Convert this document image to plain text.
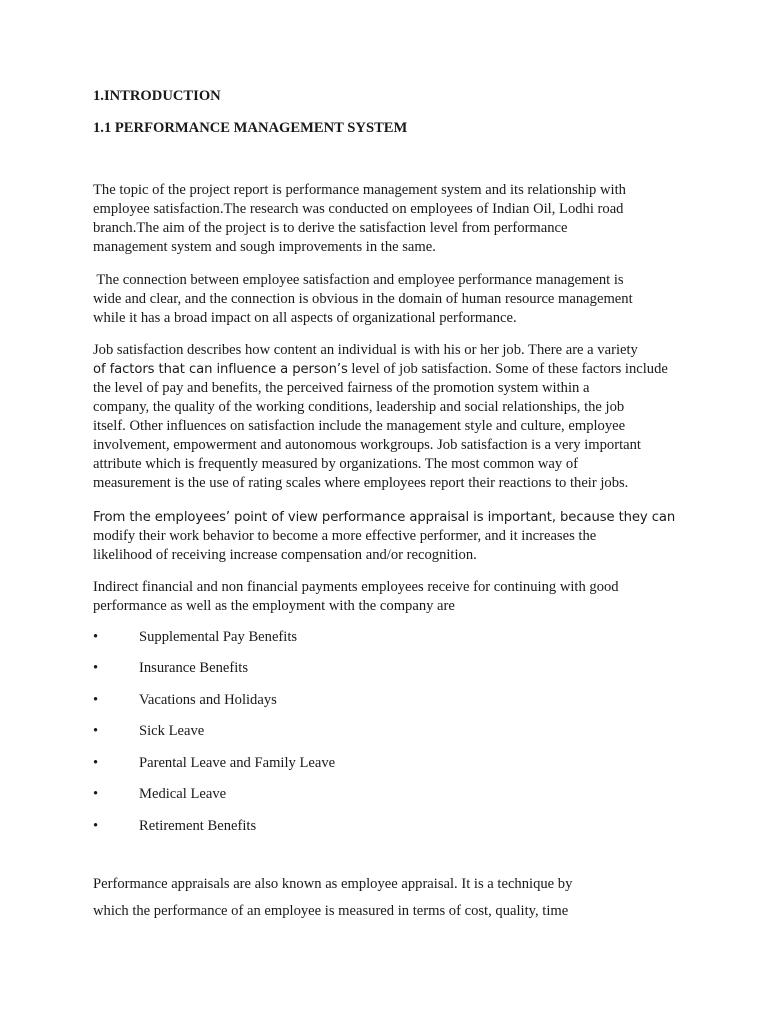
1.INTRODUCTION
1.1 PERFORMANCE MANAGEMENT SYSTEM
The topic of the project report is performance management system and its relationship with
employee satisfaction.The research was conducted on employees of Indian Oil, Lodhi road
branch.The aim of the project is to derive the satisfaction level from performance
management system and sough improvements in the same.
The connection between employee satisfaction and employee performance management is
wide and clear, and the connection is obvious in the domain of human resource management
while it has a broad impact on all aspects of organizational performance.
Job satisfaction describes how content an individual is with his or her job. There are a variety
of factors that can influence a person’s level of job satisfaction. Some of these factors include
the level of pay and benefits, the perceived fairness of the promotion system within a
company, the quality of the working conditions, leadership and social relationships, the job
itself. Other influences on satisfaction include the management style and culture, employee
involvement, empowerment and autonomous workgroups. Job satisfaction is a very important
attribute which is frequently measured by organizations. The most common way of
measurement is the use of rating scales where employees report their reactions to their jobs.
From the employees’ point of view performance appraisal is important, because they can
modify their work behavior to become a more effective performer, and it increases the
likelihood of receiving increase compensation and/or recognition.
Indirect financial and non financial payments employees receive for continuing with good
performance as well as the employment with the company are
•	Supplemental Pay Benefits
•	Insurance Benefits
•	Vacations and Holidays
•	Sick Leave
•	Parental Leave and Family Leave
•	Medical Leave
•	Retirement Benefits
Performance appraisals are also known as employee appraisal. It is a technique by
which the performance of an employee is measured in terms of cost, quality, time
